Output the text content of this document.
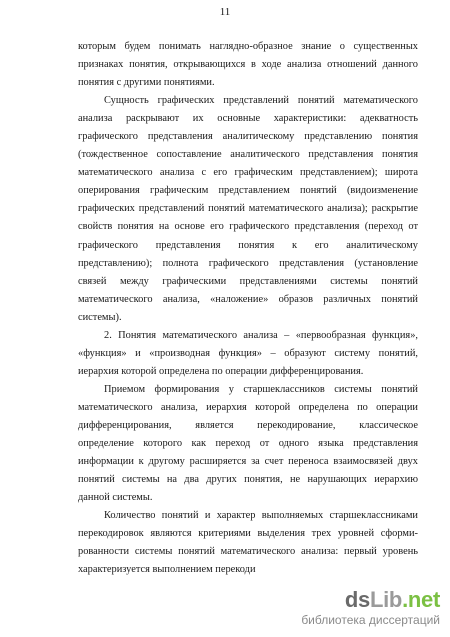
11
которым будем понимать наглядно-образное знание о существенных
признаках понятия, открывающихся в ходе анализа отношений данного
понятия с другими понятиями.
Сущность графических представлений понятий математического
анализа раскрывают их основные характеристики: адекватность
графического представления аналитическому представлению понятия
(тождественное сопоставление аналитического представления понятия
математического анализа с его графическим представлением); широта
оперирования графическим представлением понятий (видоизменение
графических представлений понятий математического анализа); раскрытие
свойств понятия на основе его графического представления (переход от
графического представления понятия к его аналитическому
представлению); полнота графического представления (установление
связей между графическими представлениями системы понятий
математического анализа, «наложение» образов различных понятий
системы).
2. Понятия математического анализа – «первообразная функция»,
«функция» и «производная функция» – образуют систему понятий,
иерархия которой определена по операции дифференцирования.
Приемом формирования у старшеклассников системы понятий
математического анализа, иерархия которой определена по операции
дифференцирования, является перекодирование, классическое
определение которого как переход от одного языка представления
информации к другому расширяется за счет переноса взаимосвязей двух
понятий системы на два других понятия, не нарушающих иерархию
данной системы.
Количество понятий и характер выполняемых старшеклассниками
перекодировок являются критериями выделения трех уровней сформи-
рованности системы понятий математического анализа: первый уровень
характеризуется выполнением перекоди
dsLib.net
библиотека диссертаций
